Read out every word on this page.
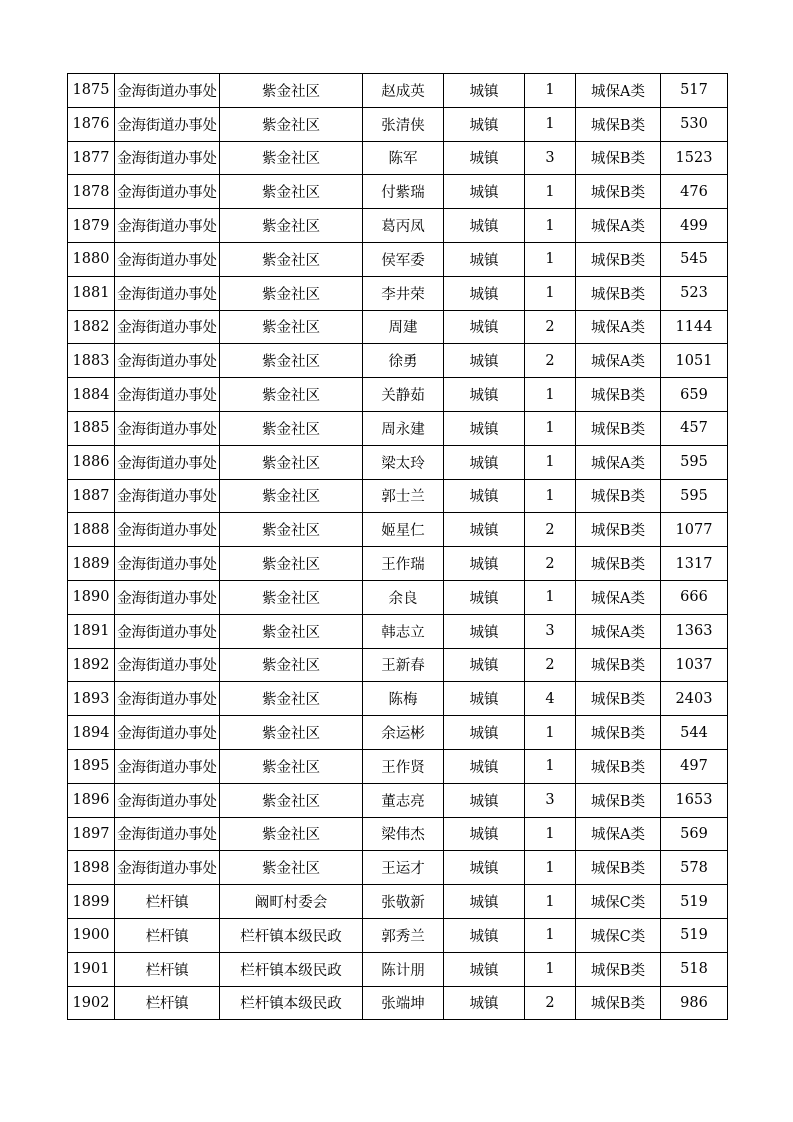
1875	金海街道办事处	紫金社区	赵成英	城镇	1	城保A类	517
1876	金海街道办事处	紫金社区	张清侠	城镇	1	城保B类	530
1877	金海街道办事处	紫金社区	陈军	城镇	3	城保B类	1523
1878	金海街道办事处	紫金社区	付紫瑞	城镇	1	城保B类	476
1879	金海街道办事处	紫金社区	葛丙凤	城镇	1	城保A类	499
1880	金海街道办事处	紫金社区	侯军委	城镇	1	城保B类	545
1881	金海街道办事处	紫金社区	李井荣	城镇	1	城保B类	523
1882	金海街道办事处	紫金社区	周建	城镇	2	城保A类	1144
1883	金海街道办事处	紫金社区	徐勇	城镇	2	城保A类	1051
1884	金海街道办事处	紫金社区	关静茹	城镇	1	城保B类	659
1885	金海街道办事处	紫金社区	周永建	城镇	1	城保B类	457
1886	金海街道办事处	紫金社区	梁太玲	城镇	1	城保A类	595
1887	金海街道办事处	紫金社区	郭士兰	城镇	1	城保B类	595
1888	金海街道办事处	紫金社区	姬星仁	城镇	2	城保B类	1077
1889	金海街道办事处	紫金社区	王作瑞	城镇	2	城保B类	1317
1890	金海街道办事处	紫金社区	余良	城镇	1	城保A类	666
1891	金海街道办事处	紫金社区	韩志立	城镇	3	城保A类	1363
1892	金海街道办事处	紫金社区	王新春	城镇	2	城保B类	1037
1893	金海街道办事处	紫金社区	陈梅	城镇	4	城保B类	2403
1894	金海街道办事处	紫金社区	余运彬	城镇	1	城保B类	544
1895	金海街道办事处	紫金社区	王作贤	城镇	1	城保B类	497
1896	金海街道办事处	紫金社区	董志亮	城镇	3	城保B类	1653
1897	金海街道办事处	紫金社区	梁伟杰	城镇	1	城保A类	569
1898	金海街道办事处	紫金社区	王运才	城镇	1	城保B类	578
1899	栏杆镇	阚町村委会	张敬新	城镇	1	城保C类	519
1900	栏杆镇	栏杆镇本级民政	郭秀兰	城镇	1	城保C类	519
1901	栏杆镇	栏杆镇本级民政	陈计朋	城镇	1	城保B类	518
1902	栏杆镇	栏杆镇本级民政	张端坤	城镇	2	城保B类	986
